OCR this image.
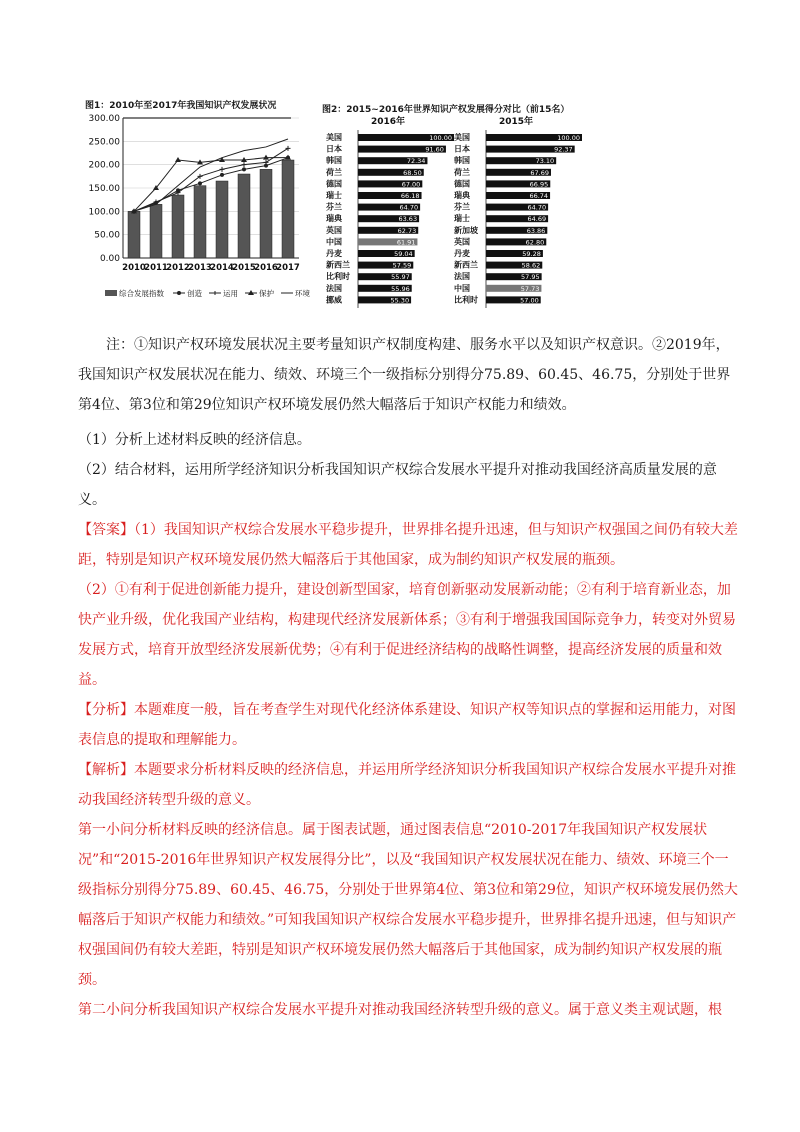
图1：2010年至2017年我国知识产权发展状况
0.00
50.00
100.00
150.00
200.00
250.00
300.00
2010
2011
2012
2013
2014
2015
2016
2017
综合发展指数	创造	运用	保护	环境
图2：2015~2016年世界知识产权发展得分对比（前15名）
2016年
美国	100.00
日本	91.60
韩国	72.34
荷兰	68.50
德国	67.00
瑞士	66.18
芬兰	64.70
瑞典	63.63
英国	62.73
中国	61.91
丹麦	59.04
新西兰	57.59
比利时	55.97
法国	55.96
挪威	55.30
2015年
美国	100.00
日本	92.37
韩国	73.10
荷兰	67.69
德国	66.95
瑞典	66.74
芬兰	64.70
瑞士	64.69
新加坡	63.86
英国	62.80
丹麦	59.28
新西兰	58.62
法国	57.95
中国	57.73
比利时	57.00

注：①知识产权环境发展状况主要考量知识产权制度构建、服务水平以及知识产权意识。②2019年，我国知识产权发展状况在能力、绩效、环境三个一级指标分别得分75.89、60.45、46.75，分别处于世界第4位、第3位和第29位知识产权环境发展仍然大幅落后于知识产权能力和绩效。

（1）分析上述材料反映的经济信息。

（2）结合材料，运用所学经济知识分析我国知识产权综合发展水平提升对推动我国经济高质量发展的意义。

【答案】（1）我国知识产权综合发展水平稳步提升，世界排名提升迅速，但与知识产权强国之间仍有较大差距，特别是知识产权环境发展仍然大幅落后于其他国家，成为制约知识产权发展的瓶颈。

（2）①有利于促进创新能力提升，建设创新型国家，培育创新驱动发展新动能；②有利于培育新业态，加快产业升级，优化我国产业结构，构建现代经济发展新体系；③有利于增强我国国际竞争力，转变对外贸易发展方式，培育开放型经济发展新优势；④有利于促进经济结构的战略性调整，提高经济发展的质量和效益。

【分析】本题难度一般，旨在考查学生对现代化经济体系建设、知识产权等知识点的掌握和运用能力，对图表信息的提取和理解能力。

【解析】本题要求分析材料反映的经济信息，并运用所学经济知识分析我国知识产权综合发展水平提升对推动我国经济转型升级的意义。

第一小问分析材料反映的经济信息。属于图表试题，通过图表信息“2010-2017年我国知识产权发展状况”和“2015-2016年世界知识产权发展得分比”，以及“我国知识产权发展状况在能力、绩效、环境三个一级指标分别得分75.89、60.45、46.75，分别处于世界第4位、第3位和第29位，知识产权环境发展仍然大幅落后于知识产权能力和绩效。”可知我国知识产权综合发展水平稳步提升，世界排名提升迅速，但与知识产权强国间仍有较大差距，特别是知识产权环境发展仍然大幅落后于其他国家，成为制约知识产权发展的瓶颈。

第二小问分析我国知识产权综合发展水平提升对推动我国经济转型升级的意义。属于意义类主观试题，根
